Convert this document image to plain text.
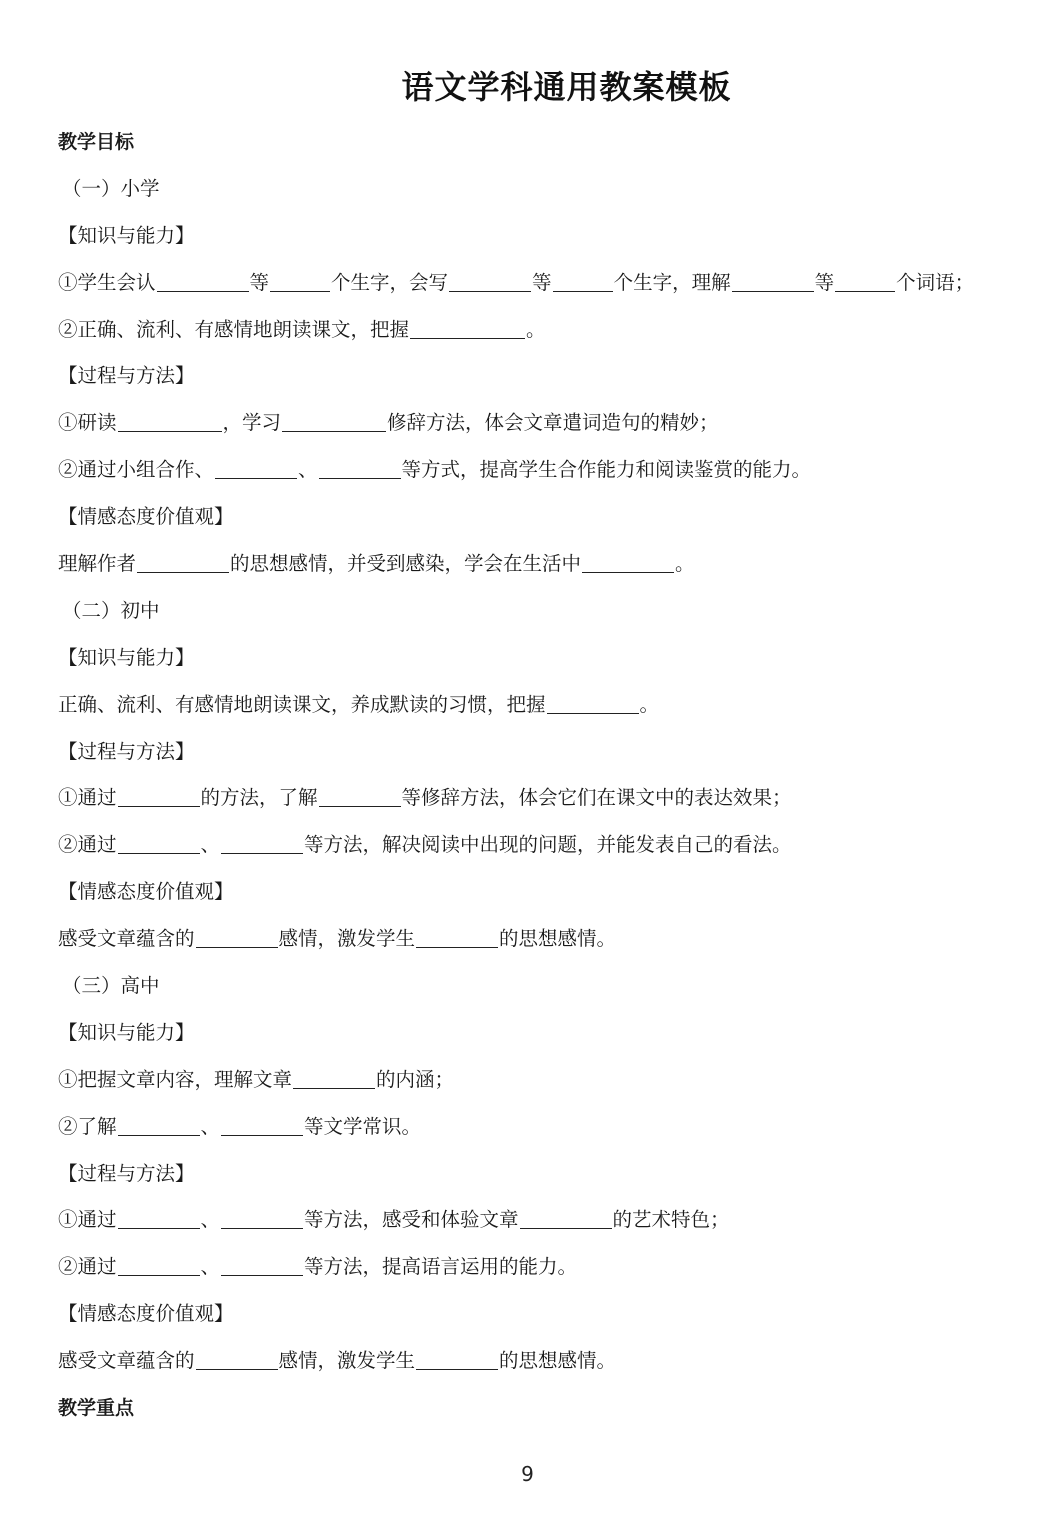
语文学科通用教案模板
教学目标
（一）小学
【知识与能力】
①学生会认	等	个生字，会写	等	个生字，理解	等	个词语；
②正确、流利、有感情地朗读课文，把握	。
【过程与方法】
①研读	，学习	修辞方法，体会文章遣词造句的精妙；
②通过小组合作、	、	等方式，提高学生合作能力和阅读鉴赏的能力。
【情感态度价值观】
理解作者	的思想感情，并受到感染，学会在生活中	。
（二）初中
【知识与能力】
正确、流利、有感情地朗读课文，养成默读的习惯，把握	。
【过程与方法】
①通过	的方法，了解	等修辞方法，体会它们在课文中的表达效果；
②通过	、	等方法，解决阅读中出现的问题，并能发表自己的看法。
【情感态度价值观】
感受文章蕴含的	感情，激发学生	的思想感情。
（三）高中
【知识与能力】
①把握文章内容，理解文章	的内涵；
②了解	、	等文学常识。
【过程与方法】
①通过	、	等方法，感受和体验文章	的艺术特色；
②通过	、	等方法，提高语言运用的能力。
【情感态度价值观】
感受文章蕴含的	感情，激发学生	的思想感情。
教学重点
9
